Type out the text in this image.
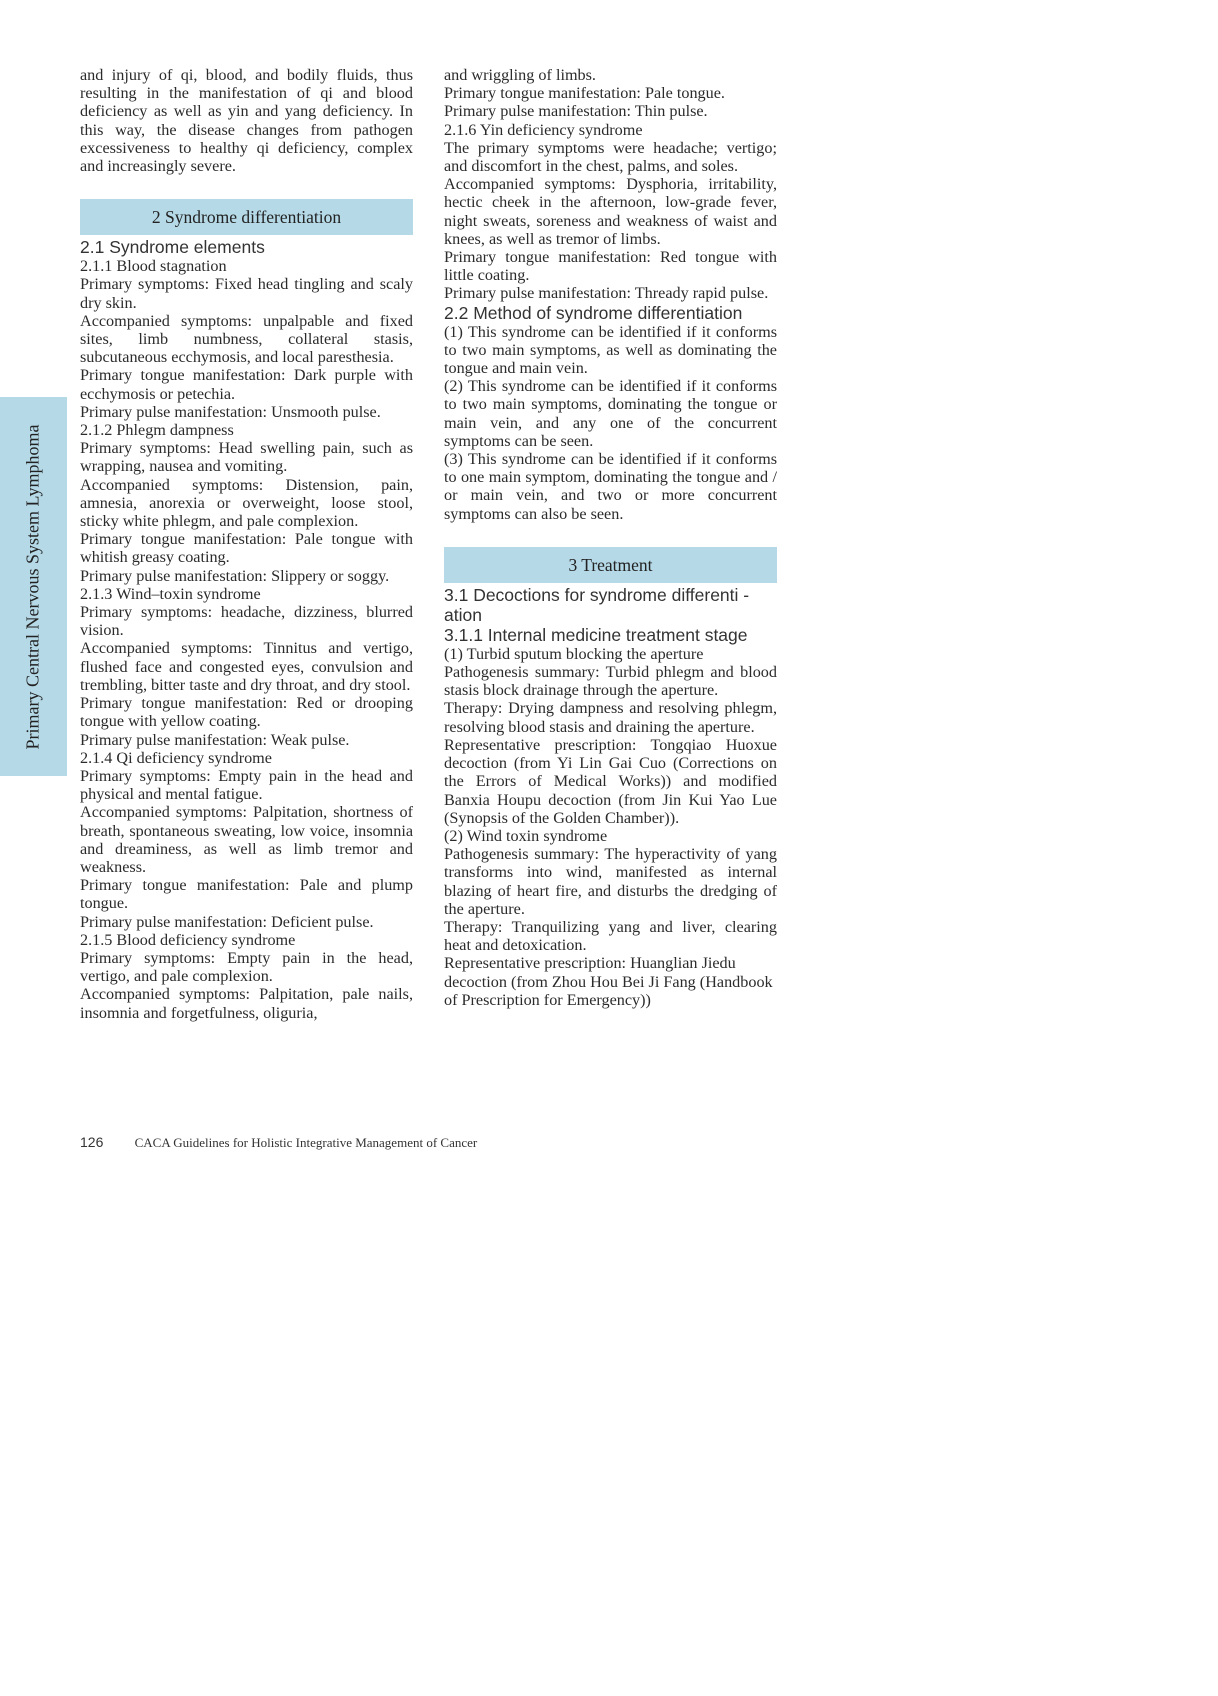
Primary Central Nervous System Lymphoma

and injury of qi, blood, and bodily fluids, thus resulting in the manifestation of qi and blood deficiency as well as yin and yang deficiency. In this way, the disease changes from pathogen excessiveness to healthy qi deficiency, complex and increasingly severe.

2 Syndrome differentiation
2.1 Syndrome elements

2.1.1 Blood stagnation

Primary symptoms: Fixed head tingling and scaly dry skin.

Accompanied symptoms: unpalpable and fixed sites, limb numbness, collateral stasis, subcutaneous ecchymosis, and local paresthesia.

Primary tongue manifestation: Dark purple with ecchymosis or petechia.

Primary pulse manifestation: Unsmooth pulse.

2.1.2 Phlegm dampness

Primary symptoms: Head swelling pain, such as wrapping, nausea and vomiting.

Accompanied symptoms: Distension, pain, amnesia, anorexia or overweight, loose stool, sticky white phlegm, and pale complexion.

Primary tongue manifestation: Pale tongue with whitish greasy coating.

Primary pulse manifestation: Slippery or soggy.

2.1.3 Wind–toxin syndrome

Primary symptoms: headache, dizziness, blurred vision.

Accompanied symptoms: Tinnitus and vertigo, flushed face and congested eyes, convulsion and trembling, bitter taste and dry throat, and dry stool.

Primary tongue manifestation: Red or drooping tongue with yellow coating.

Primary pulse manifestation: Weak pulse.

2.1.4 Qi deficiency syndrome

Primary symptoms: Empty pain in the head and physical and mental fatigue.

Accompanied symptoms: Palpitation, shortness of breath, spontaneous sweating, low voice, insomnia and dreaminess, as well as limb tremor and weakness.

Primary tongue manifestation: Pale and plump tongue.

Primary pulse manifestation: Deficient pulse.

2.1.5 Blood deficiency syndrome

Primary symptoms: Empty pain in the head, vertigo, and pale complexion.

Accompanied symptoms: Palpitation, pale nails, insomnia and forgetfulness, oliguria,

and wriggling of limbs.

Primary tongue manifestation: Pale tongue.

Primary pulse manifestation: Thin pulse.

2.1.6 Yin deficiency syndrome

The primary symptoms were headache; vertigo; and discomfort in the chest, palms, and soles.

Accompanied symptoms: Dysphoria, irritability, hectic cheek in the afternoon, low-grade fever, night sweats, soreness and weakness of waist and knees, as well as tremor of limbs.

Primary tongue manifestation: Red tongue with little coating.

Primary pulse manifestation: Thready rapid pulse.

2.2 Method of syndrome differentiation

(1) This syndrome can be identified if it conforms to two main symptoms, as well as dominating the tongue and main vein.

(2) This syndrome can be identified if it conforms to two main symptoms, dominating the tongue or main vein, and any one of the concurrent symptoms can be seen.

(3) This syndrome can be identified if it conforms to one main symptom, dominating the tongue and / or main vein, and two or more concurrent symptoms can also be seen.

3 Treatment
3.1 Decoctions for syndrome differenti - ation
3.1.1 Internal medicine treatment stage

(1) Turbid sputum blocking the aperture

Pathogenesis summary: Turbid phlegm and blood stasis block drainage through the aperture.

Therapy: Drying dampness and resolving phlegm, resolving blood stasis and draining the aperture.

Representative prescription: Tongqiao Huoxue decoction (from Yi Lin Gai Cuo (Corrections on the Errors of Medical Works)) and modified Banxia Houpu decoction (from Jin Kui Yao Lue (Synopsis of the Golden Chamber)).

(2) Wind toxin syndrome

Pathogenesis summary: The hyperactivity of yang transforms into wind, manifested as internal blazing of heart fire, and disturbs the dredging of the aperture.

Therapy: Tranquilizing yang and liver, clearing heat and detoxication.

Representative prescription: Huanglian Jiedu decoction (from Zhou Hou Bei Ji Fang (Handbook of Prescription for Emergency))

126 CACA Guidelines for Holistic Integrative Management of Cancer
